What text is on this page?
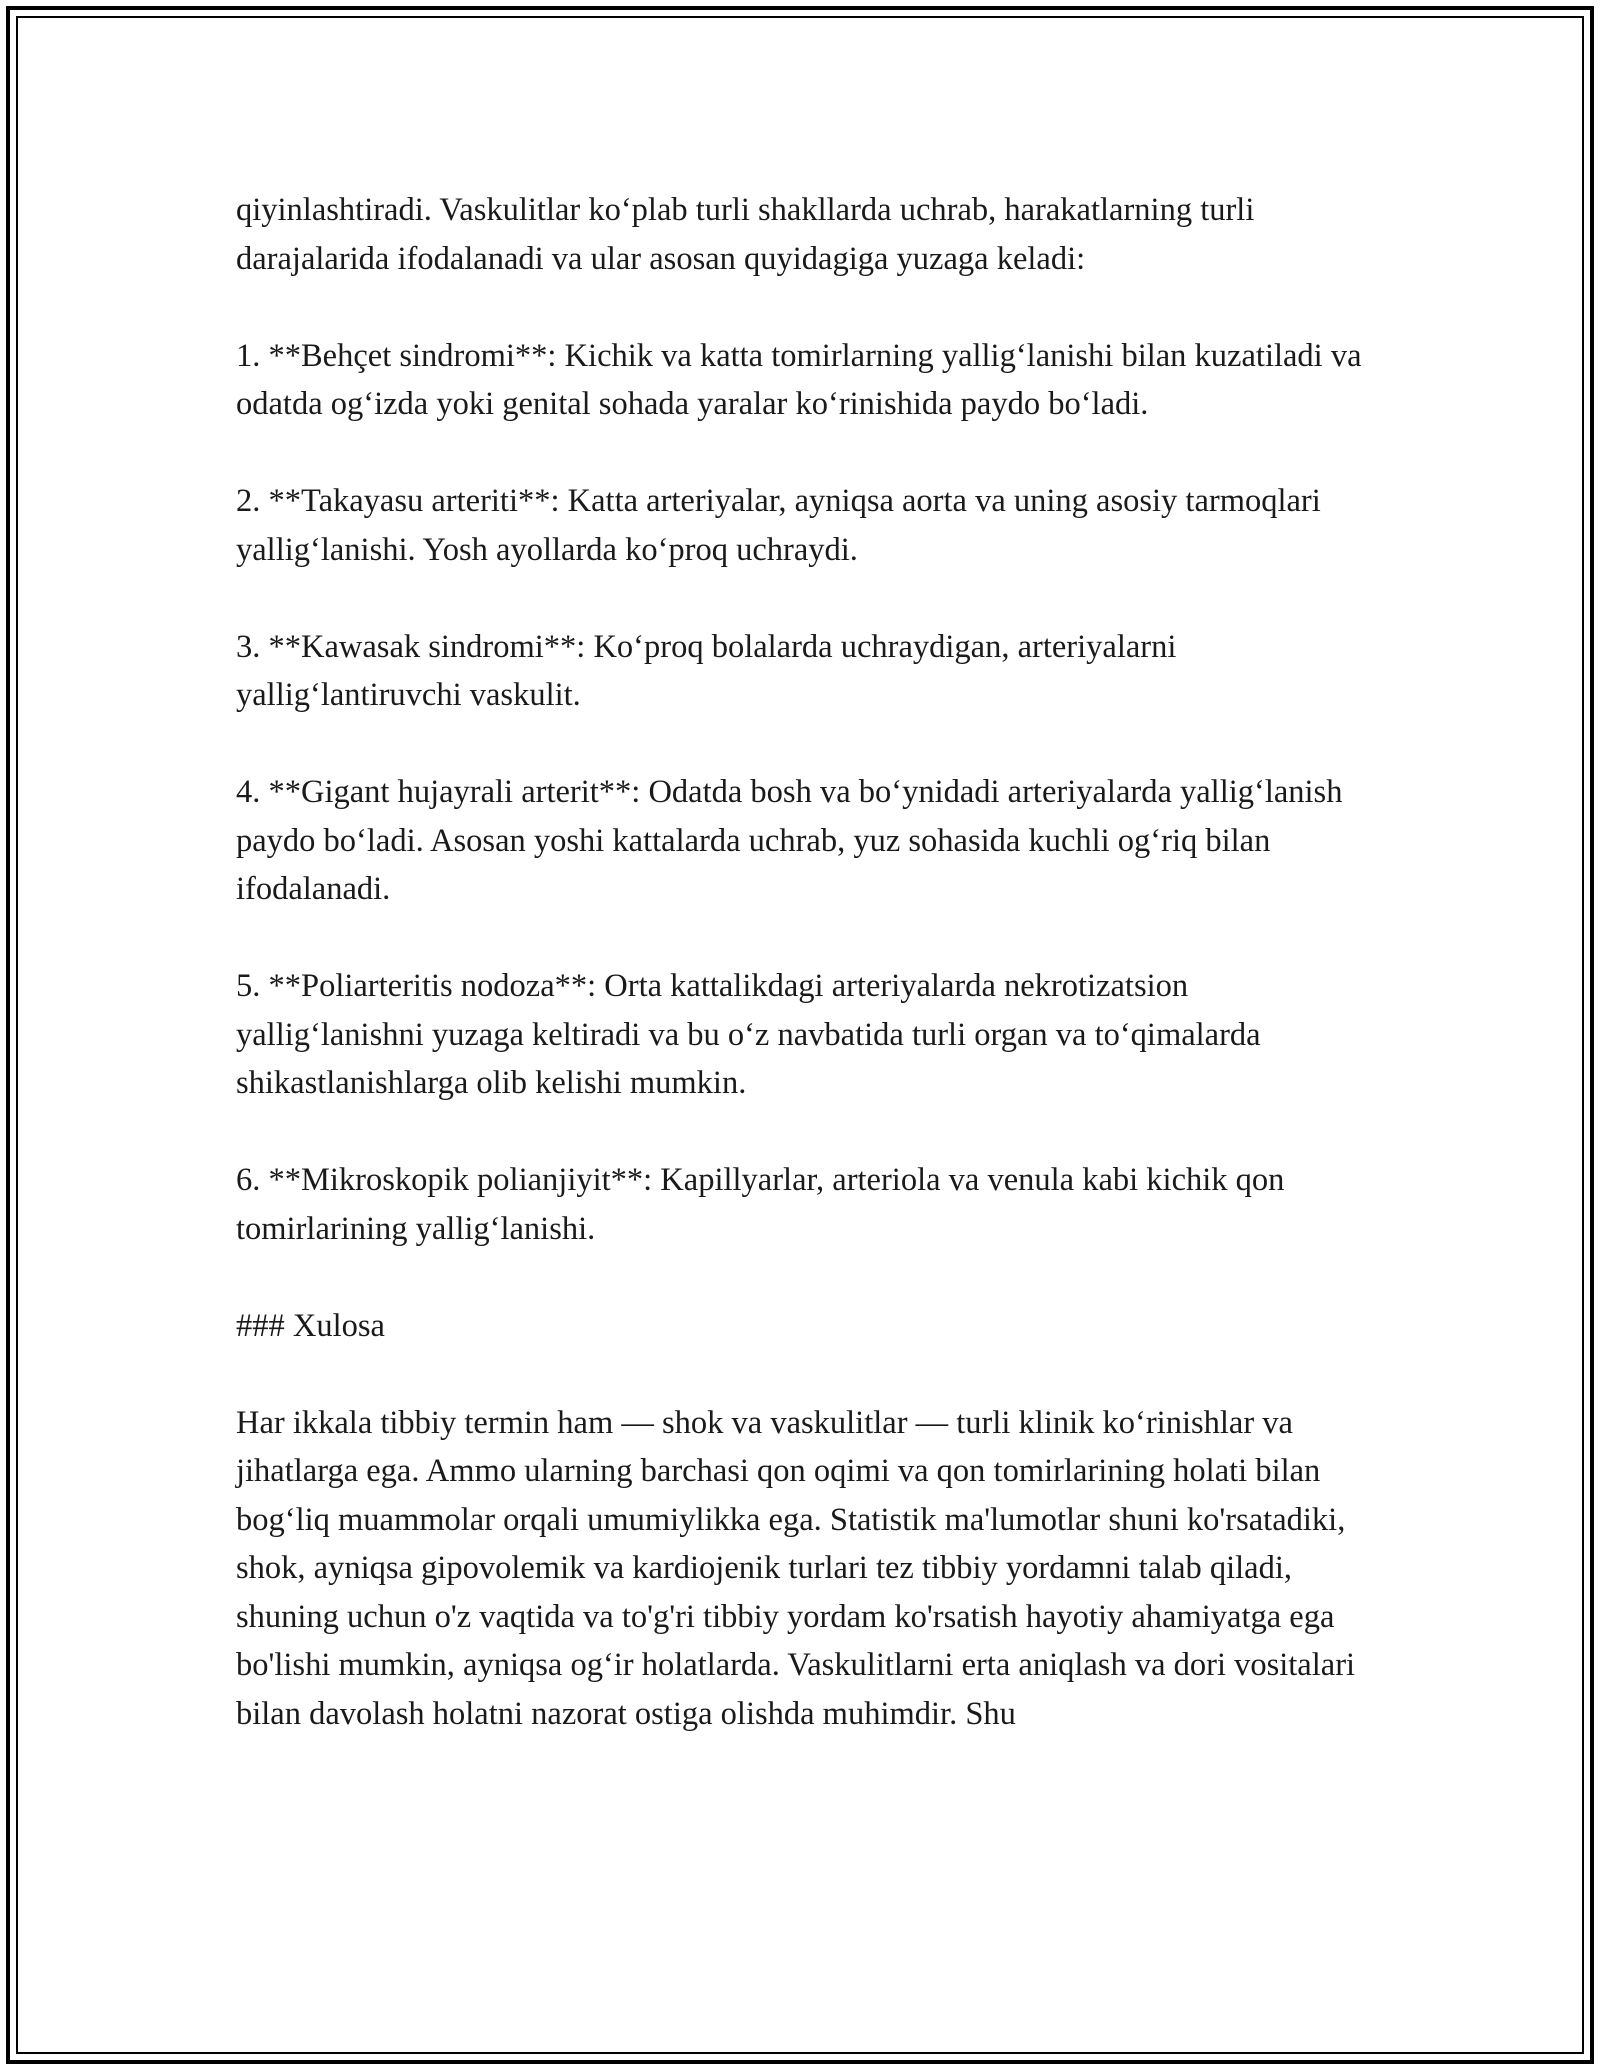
qiyinlashtiradi. Vaskulitlar ko‘plab turli shakllarda uchrab, harakatlarning turli darajalarida ifodalanadi va ular asosan quyidagiga yuzaga keladi:

1. **Behçet sindromi**: Kichik va katta tomirlarning yallig‘lanishi bilan kuzatiladi va odatda og‘izda yoki genital sohada yaralar ko‘rinishida paydo bo‘ladi.

2. **Takayasu arteriti**: Katta arteriyalar, ayniqsa aorta va uning asosiy tarmoqlari yallig‘lanishi. Yosh ayollarda ko‘proq uchraydi.

3. **Kawasak sindromi**: Ko‘proq bolalarda uchraydigan, arteriyalarni yallig‘lantiruvchi vaskulit.

4. **Gigant hujayrali arterit**: Odatda bosh va bo‘ynidadi arteriyalarda yallig‘lanish paydo bo‘ladi. Asosan yoshi kattalarda uchrab, yuz sohasida kuchli og‘riq bilan ifodalanadi.

5. **Poliarteritis nodoza**: Orta kattalikdagi arteriyalarda nekrotizatsion yallig‘lanishni yuzaga keltiradi va bu o‘z navbatida turli organ va to‘qimalarda shikastlanishlarga olib kelishi mumkin.

6. **Mikroskopik polianjiyit**: Kapillyarlar, arteriola va venula kabi kichik qon tomirlarining yallig‘lanishi.

### Xulosa

Har ikkala tibbiy termin ham — shok va vaskulitlar — turli klinik ko‘rinishlar va jihatlarga ega. Ammo ularning barchasi qon oqimi va qon tomirlarining holati bilan bog‘liq muammolar orqali umumiylikka ega. Statistik ma'lumotlar shuni ko'rsatadiki, shok, ayniqsa gipovolemik va kardiojenik turlari tez tibbiy yordamni talab qiladi, shuning uchun o'z vaqtida va to'g'ri tibbiy yordam ko'rsatish hayotiy ahamiyatga ega bo'lishi mumkin, ayniqsa og‘ir holatlarda. Vaskulitlarni erta aniqlash va dori vositalari bilan davolash holatni nazorat ostiga olishda muhimdir. Shu
